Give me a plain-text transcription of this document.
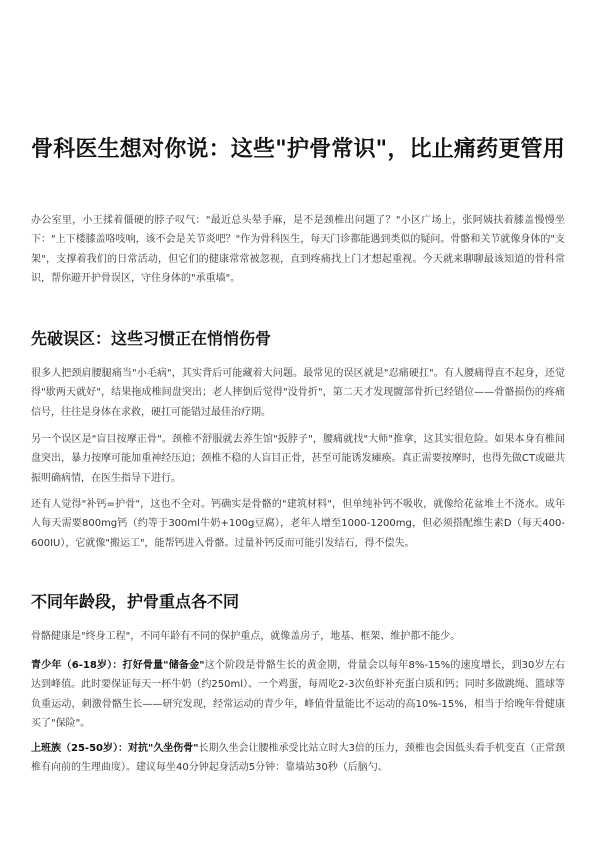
骨科医生想对你说：这些"护骨常识"，比止痛药更管用

办公室里，小王揉着僵硬的脖子叹气："最近总头晕手麻，是不是颈椎出问题了？"小区广场上，张阿姨扶着膝盖慢慢坐下："上下楼膝盖咯吱响，该不会是关节炎吧？"作为骨科医生，每天门诊都能遇到类似的疑问。骨骼和关节就像身体的"支架"，支撑着我们的日常活动，但它们的健康常常被忽视，直到疼痛找上门才想起重视。今天就来聊聊最该知道的骨科常识，帮你避开护骨误区，守住身体的"承重墙"。

先破误区：这些习惯正在悄悄伤骨

很多人把颈肩腰腿痛当"小毛病"，其实背后可能藏着大问题。最常见的误区就是"忍痛硬扛"。有人腰痛得直不起身，还觉得"歇两天就好"，结果拖成椎间盘突出；老人摔倒后觉得"没骨折"，第二天才发现髋部骨折已经错位——骨骼损伤的疼痛信号，往往是身体在求救，硬扛可能错过最佳治疗期。

另一个误区是"盲目按摩正骨"。颈椎不舒服就去养生馆"扳脖子"，腰痛就找"大师"推拿，这其实很危险。如果本身有椎间盘突出，暴力按摩可能加重神经压迫；颈椎不稳的人盲目正骨，甚至可能诱发瘫痪。真正需要按摩时，也得先做CT或磁共振明确病情，在医生指导下进行。

还有人觉得"补钙=护骨"，这也不全对。钙确实是骨骼的"建筑材料"，但单纯补钙不吸收，就像给花盆堆土不浇水。成年人每天需要800mg钙（约等于300ml牛奶+100g豆腐），老年人增至1000-1200mg，但必须搭配维生素D（每天400-600IU），它就像"搬运工"，能帮钙进入骨骼。过量补钙反而可能引发结石，得不偿失。

不同年龄段，护骨重点各不同

骨骼健康是"终身工程"，不同年龄有不同的保护重点，就像盖房子，地基、框架、维护都不能少。

青少年（6-18岁）：打好骨量"储备金"这个阶段是骨骼生长的黄金期，骨量会以每年8%-15%的速度增长，到30岁左右达到峰值。此时要保证每天一杯牛奶（约250ml）、一个鸡蛋，每周吃2-3次鱼虾补充蛋白质和钙；同时多做跳绳、篮球等负重运动，刺激骨骼生长——研究发现，经常运动的青少年，峰值骨量能比不运动的高10%-15%，相当于给晚年骨健康买了"保险"。

上班族（25-50岁）：对抗"久坐伤骨"长期久坐会让腰椎承受比站立时大3倍的压力，颈椎也会因低头看手机变直（正常颈椎有向前的生理曲度）。建议每坐40分钟起身活动5分钟：靠墙站30秒（后脑勺、
